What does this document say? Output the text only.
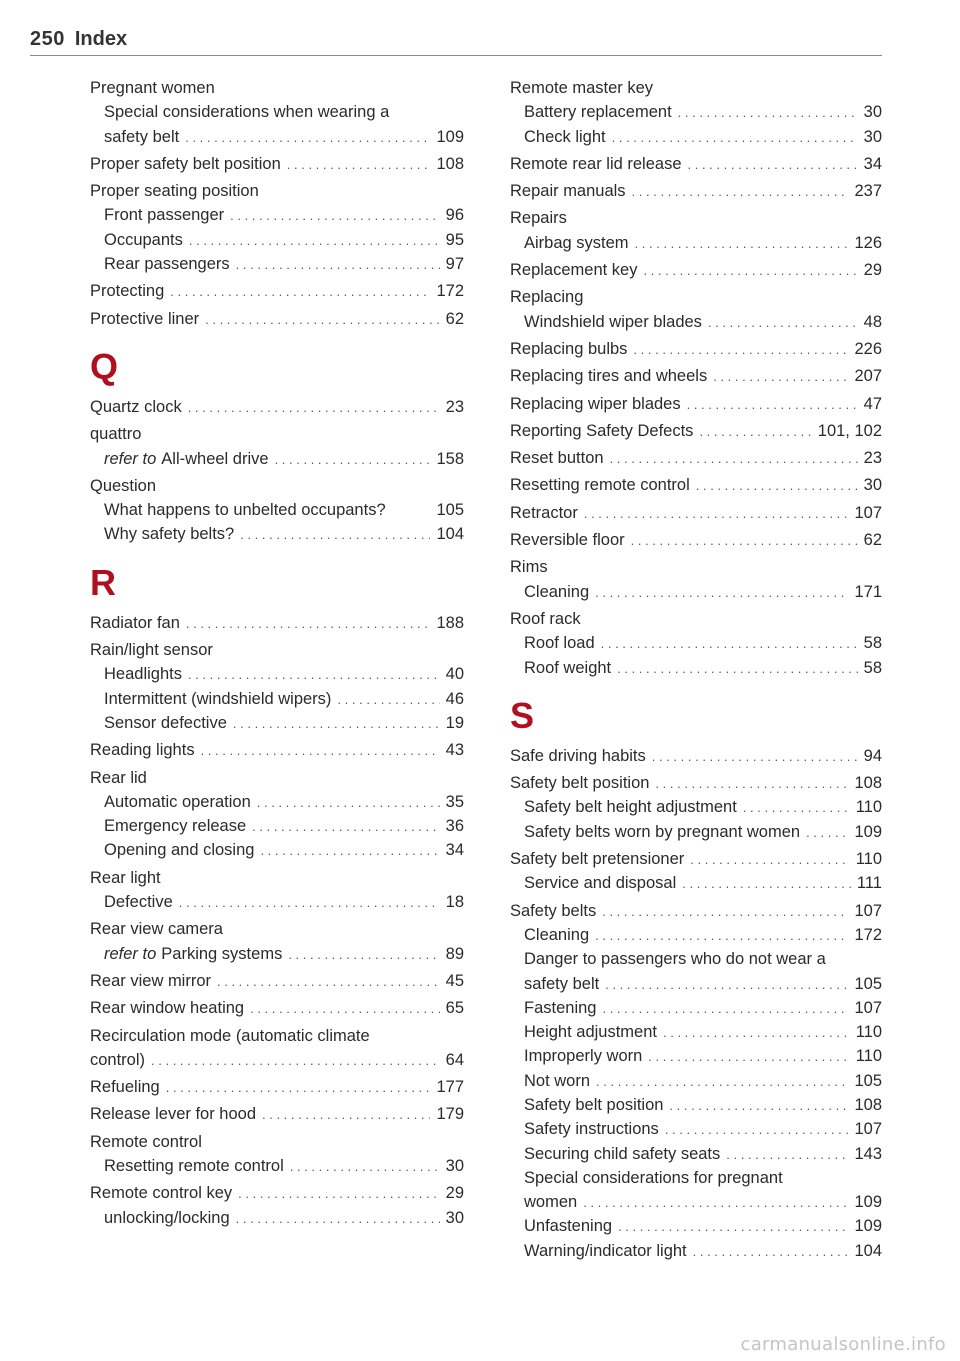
250 Index
Pregnant women
Special considerations when wearing a
safety belt . . .	109
Proper safety belt position . . .	108
Proper seating position
Front passenger . . .	96
Occupants . . .	95
Rear passengers . . .	97
Protecting . . .	172
Protective liner . . .	62
Q
Quartz clock . . .	23
quattro
refer to All-wheel drive . . .	158
Question
What happens to unbelted occupants?	105
Why safety belts? . . .	104
R
Radiator fan . . .	188
Rain/light sensor
Headlights . . .	40
Intermittent (windshield wipers) . . .	46
Sensor defective . . .	19
Reading lights . . .	43
Rear lid
Automatic operation . . .	35
Emergency release . . .	36
Opening and closing . . .	34
Rear light
Defective . . .	18
Rear view camera
refer to Parking systems . . .	89
Rear view mirror . . .	45
Rear window heating . . .	65
Recirculation mode (automatic climate
control) . . .	64
Refueling . . .	177
Release lever for hood . . .	179
Remote control
Resetting remote control . . .	30
Remote control key . . .	29
unlocking/locking . . .	30
Remote master key
Battery replacement . . .	30
Check light . . .	30
Remote rear lid release . . .	34
Repair manuals . . .	237
Repairs
Airbag system . . .	126
Replacement key . . .	29
Replacing
Windshield wiper blades . . .	48
Replacing bulbs . . .	226
Replacing tires and wheels . . .	207
Replacing wiper blades . . .	47
Reporting Safety Defects . . .	101, 102
Reset button . . .	23
Resetting remote control . . .	30
Retractor . . .	107
Reversible floor . . .	62
Rims
Cleaning . . .	171
Roof rack
Roof load . . .	58
Roof weight . . .	58
S
Safe driving habits . . .	94
Safety belt position . . .	108
Safety belt height adjustment . . .	110
Safety belts worn by pregnant women . . .	109
Safety belt pretensioner . . .	110
Service and disposal . . .	111
Safety belts . . .	107
Cleaning . . .	172
Danger to passengers who do not wear a
safety belt . . .	105
Fastening . . .	107
Height adjustment . . .	110
Improperly worn . . .	110
Not worn . . .	105
Safety belt position . . .	108
Safety instructions . . .	107
Securing child safety seats . . .	143
Special considerations for pregnant
women . . .	109
Unfastening . . .	109
Warning/indicator light . . .	104
carmanualsonline.info
